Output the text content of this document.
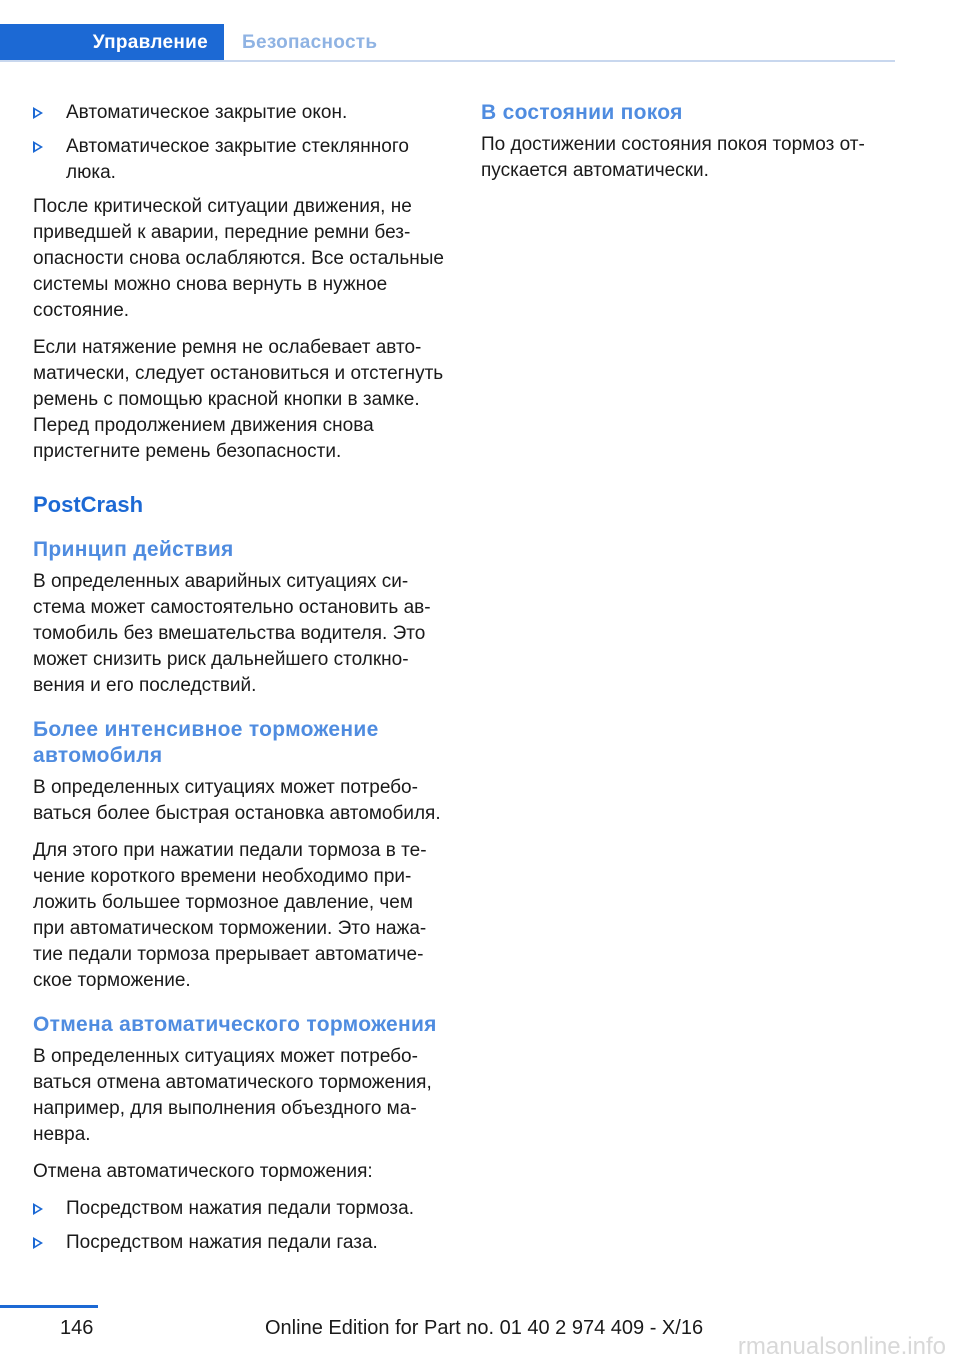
Управление	Безопасность
Автоматическое закрытие окон.
Автоматическое закрытие стеклянного люка.

После критической ситуации движения, не приведшей к аварии, передние ремни безопасности снова ослабляются. Все остальные системы можно снова вернуть в нужное состояние.

Если натяжение ремня не ослабевает автоматически, следует остановиться и отстегнуть ремень с помощью красной кнопки в замке. Перед продолжением движения снова пристегните ремень безопасности.

PostCrash
Принцип действия

В определенных аварийных ситуациях система может самостоятельно остановить автомобиль без вмешательства водителя. Это может снизить риск дальнейшего столкновения и его последствий.

Более интенсивное торможение автомобиля

В определенных ситуациях может потребоваться более быстрая остановка автомобиля.

Для этого при нажатии педали тормоза в течение короткого времени необходимо приложить большее тормозное давление, чем при автоматическом торможении. Это нажатие педали тормоза прерывает автоматическое торможение.

Отмена автоматического торможения

В определенных ситуациях может потребоваться отмена автоматического торможения, например, для выполнения объездного маневра.

Отмена автоматического торможения:

Посредством нажатия педали тормоза.
Посредством нажатия педали газа.
В состоянии покоя

По достижении состояния покоя тормоз отпускается автоматически.

146	Online Edition for Part no. 01 40 2 974 409 - X/16
rmanualsonline.info
